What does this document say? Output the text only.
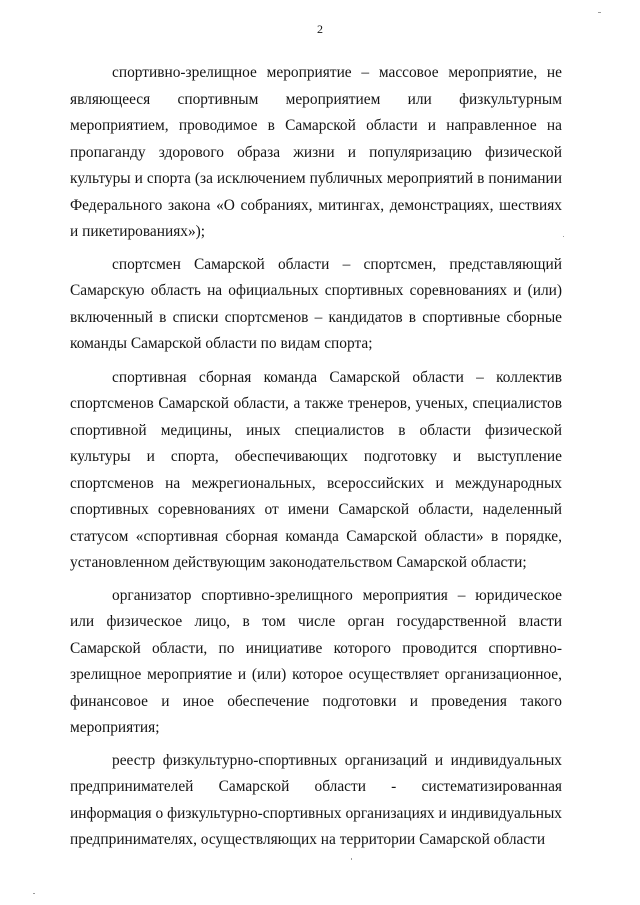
2

спортивно-зрелищное мероприятие – массовое мероприятие, не являющееся спортивным мероприятием или физкультурным мероприятием, проводимое в Самарской области и направленное на пропаганду здорового образа жизни и популяризацию физической культуры и спорта (за исключением публичных мероприятий в понимании Федерального закона «О собраниях, митингах, демонстрациях, шествиях и пикетированиях»);

спортсмен Самарской области – спортсмен, представляющий Самарскую область на официальных спортивных соревнованиях и (или) включенный в списки спортсменов – кандидатов в спортивные сборные команды Самарской области по видам спорта;

спортивная сборная команда Самарской области – коллектив спортсменов Самарской области, а также тренеров, ученых, специалистов спортивной медицины, иных специалистов в области физической культуры и спорта, обеспечивающих подготовку и выступление спортсменов на межрегиональных, всероссийских и международных спортивных соревнованиях от имени Самарской области, наделенный статусом «спортивная сборная команда Самарской области» в порядке, установленном действующим законодательством Самарской области;

организатор спортивно-зрелищного мероприятия – юридическое или физическое лицо, в том числе орган государственной власти Самарской области, по инициативе которого проводится спортивно-зрелищное мероприятие и (или) которое осуществляет организационное, финансовое и иное обеспечение подготовки и проведения такого мероприятия;

реестр физкультурно-спортивных организаций и индивидуальных предпринимателей Самарской области - систематизированная информация о физкультурно-спортивных организациях и индивидуальных предпринимателях, осуществляющих на территории Самарской области
